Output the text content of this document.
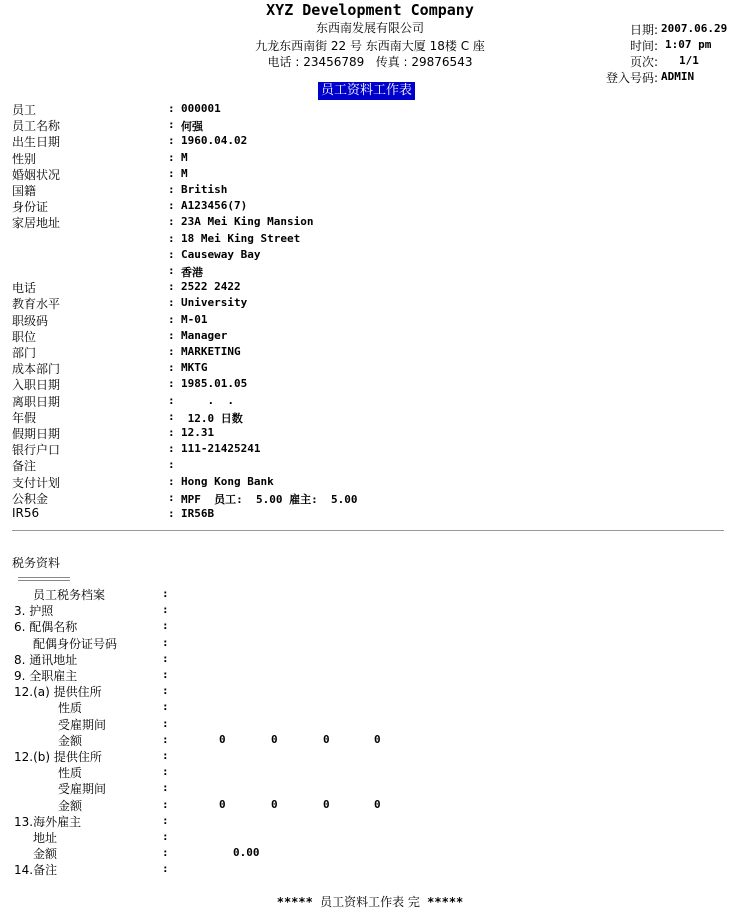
XYZ Development Company
东西南发展有限公司
九龙东西南街 22 号 东西南大厦 18楼 C 座
电话 : 23456789   传真 : 29876543
日期: 2007.06.29
时间: 1:07 pm
页次: 1/1
登入号码: ADMIN
员工资料工作表
员工	: 000001
员工名称	: 何强
出生日期	: 1960.04.02
性别	: M
婚姻状况	: M
国籍	: British
身份证	: A123456(7)
家居地址	: 23A Mei King Mansion
: 18 Mei King Street
: Causeway Bay
: 香港
电话	: 2522 2422
教育水平	: University
职级码	: M-01
职位	: Manager
部门	: MARKETING
成本部门	: MKTG
入职日期	: 1985.01.05
离职日期	: .  .
年假	: 12.0 日数
假期日期	: 12.31
银行户口	: 111-21425241
备注	:
支付计划	: Hong Kong Bank
公积金	: MPF  员工:  5.00 雇主:  5.00
IR56	: IR56B
税务资料
员工税务档案	:
3. 护照	:
6. 配偶名称	:
配偶身份证号码	:
8. 通讯地址	:
9. 全职雇主	:
12.(a) 提供住所	:
性质	:
受雇期间	:
金额	:	0	0	0	0
12.(b) 提供住所	:
性质	:
受雇期间	:
金额	:	0	0	0	0
13.海外雇主	:
地址	:
金额	:	0.00
14.备注	:
***** 员工资料工作表 完 *****
